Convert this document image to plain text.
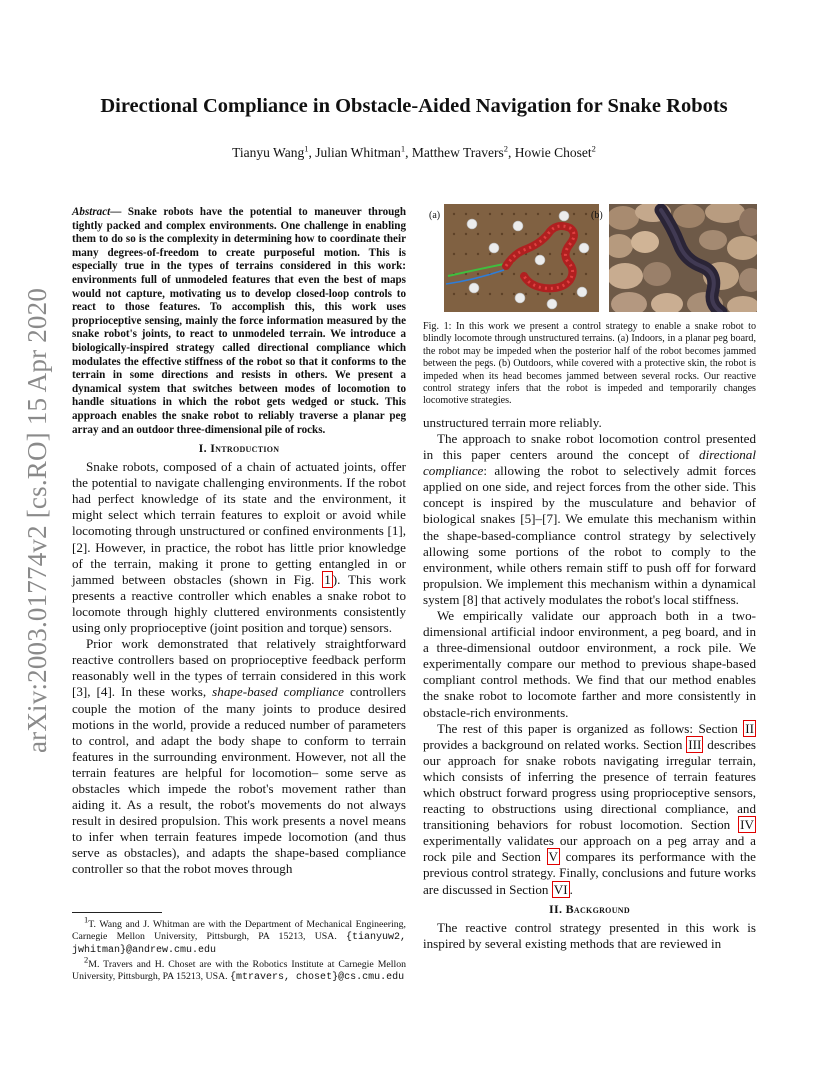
arXiv:2003.01774v2 [cs.RO] 15 Apr 2020
Directional Compliance in Obstacle-Aided Navigation for Snake Robots
Tianyu Wang$^1$, Julian Whitman$^1$, Matthew Travers$^2$, Howie Choset$^2$

Abstract— Snake robots have the potential to maneuver through tightly packed and complex environments. One challenge in enabling them to do so is the complexity in determining how to coordinate their many degrees-of-freedom to create purposeful motion. This is especially true in the types of terrains considered in this work: environments full of unmodeled features that even the best of maps would not capture, motivating us to develop closed-loop controls to react to those features. To accomplish this, this work uses proprioceptive sensing, mainly the force information measured by the snake robot's joints, to react to unmodeled terrain. We introduce a biologically-inspired strategy called directional compliance which modulates the effective stiffness of the robot so that it conforms to the terrain in some directions and resists in others. We present a dynamical system that switches between modes of locomotion to handle situations in which the robot gets wedged or stuck. This approach enables the snake robot to reliably traverse a planar peg array and an outdoor three-dimensional pile of rocks.

I. Introduction

Snake robots, composed of a chain of actuated joints, offer the potential to navigate challenging environments. If the robot had perfect knowledge of its state and the environment, it might select which terrain features to exploit or avoid while locomoting through unstructured or confined environments [1], [2]. However, in practice, the robot has little prior knowledge of the terrain, making it prone to getting entangled in or jammed between obstacles (shown in Fig. 1 ). This work presents a reactive controller which enables a snake robot to locomote through highly cluttered environments consistently using only proprioceptive (joint position and torque) sensors.

Prior work demonstrated that relatively straightforward reactive controllers based on proprioceptive feedback perform reasonably well in the types of terrain considered in this work [3], [4]. In these works, shape-based compliance controllers couple the motion of the many joints to produce desired motions in the world, provide a reduced number of parameters to control, and adapt the body shape to conform to terrain features in the surrounding environment. However, not all the terrain features are helpful for locomotion– some serve as obstacles which impede the robot's movement rather than aiding it. As a result, the robot's movements do not always result in desired propulsion. This work presents a novel means to infer when terrain features impede locomotion (and thus serve as obstacles), and adapts the shape-based compliance controller so that the robot moves through

$^1$T. Wang and J. Whitman are with the Department of Mechanical Engineering, Carnegie Mellon University, Pittsburgh, PA 15213, USA. {tianyuw2, jwhitman}@andrew.cmu.edu

$^2$M. Travers and H. Choset are with the Robotics Institute at Carnegie Mellon University, Pittsburgh, PA 15213, USA. {mtravers, choset}@cs.cmu.edu

(a)	(b)

Fig. 1: In this work we present a control strategy to enable a snake robot to blindly locomote through unstructured terrains. (a) Indoors, in a planar peg board, the robot may be impeded when the posterior half of the robot becomes jammed between the pegs. (b) Outdoors, while covered with a protective skin, the robot is impeded when its head becomes jammed between several rocks. Our reactive control strategy infers that the robot is impeded and temporarily changes locomotive strategies.

unstructured terrain more reliably.

The approach to snake robot locomotion control presented in this paper centers around the concept of directional compliance: allowing the robot to selectively admit forces applied on one side, and reject forces from the other side. This concept is inspired by the musculature and behavior of biological snakes [5]–[7]. We emulate this mechanism within the shape-based-compliance control strategy by selectively allowing some portions of the robot to comply to the environment, while others remain stiff to push off for forward propulsion. We implement this mechanism within a dynamical system [8] that actively modulates the robot's local stiffness.

We empirically validate our approach both in a two-dimensional artificial indoor environment, a peg board, and in a three-dimensional outdoor environment, a rock pile. We experimentally compare our method to previous shape-based compliant control methods. We find that our method enables the snake robot to locomote farther and more consistently in obstacle-rich environments.

The rest of this paper is organized as follows: Section II provides a background on related works. Section III describes our approach for snake robots navigating irregular terrain, which consists of inferring the presence of terrain features which obstruct forward progress using proprioceptive sensors, reacting to obstructions using directional compliance, and transitioning behaviors for robust locomotion. Section IV experimentally validates our approach on a peg array and a rock pile and Section V compares its performance with the previous control strategy. Finally, conclusions and future works are discussed in Section VI .

II. Background

The reactive control strategy presented in this work is inspired by several existing methods that are reviewed in
